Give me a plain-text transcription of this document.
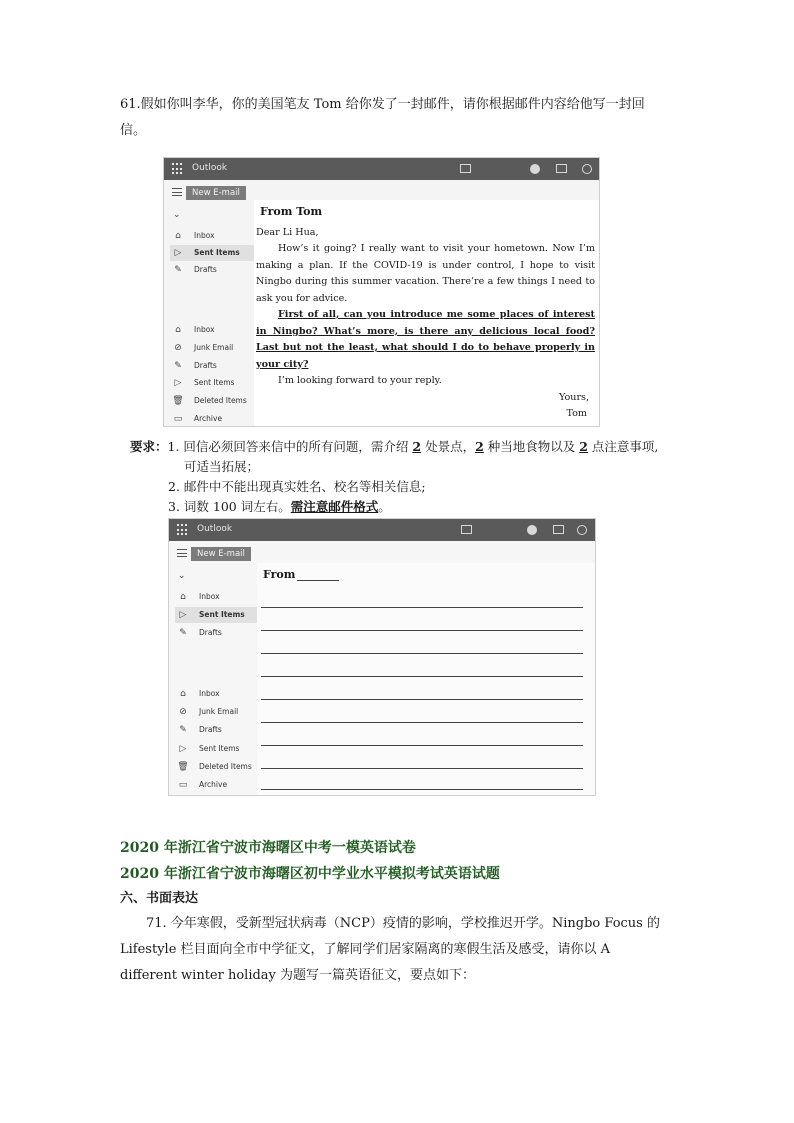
61.假如你叫李华，你的美国笔友 Tom 给你发了一封邮件，请你根据邮件内容给他写一封回
信。
Outlook
New E-mail
⌄
⌂	Inbox
▷	Sent Items
✎ Drafts
⌂	Inbox
⊘ Junk Email
✎ Drafts
▷	Sent Items
🗑 Deleted Items
▭ Archive

From Tom

Dear Li Hua,

How’s it going? I really want to visit your hometown. Now I’m making a plan. If the COVID-19 is under control, I hope to visit Ningbo during this summer vacation. There’re a few things I need to ask you for advice.

First of all, can you introduce me some places of interest in Ningbo? What’s more, is there any delicious local food? Last but not the least, what should I do to behave properly in your city?

I’m looking forward to your reply.

Yours,

Tom

要求：1. 回信必须回答来信中的所有问题，需介绍 2 处景点，2 种当地食物以及 2 点注意事项,
可适当拓展；
2. 邮件中不能出现真实姓名、校名等相关信息;
3. 词数 100 词左右。需注意邮件格式。
Outlook
New E-mail
⌄
⌂	Inbox
▷	Sent Items
✎ Drafts
⌂	Inbox
⊘ Junk Email
✎ Drafts
▷	Sent Items
🗑 Deleted Items
▭ Archive
From
2020 年浙江省宁波市海曙区中考一模英语试卷
2020 年浙江省宁波市海曙区初中学业水平模拟考试英语试题
六、书面表达
71. 今年寒假，受新型冠状病毒（NCP）疫情的影响，学校推迟开学。Ningbo Focus 的
Lifestyle 栏目面向全市中学征文，了解同学们居家隔离的寒假生活及感受，请你以 A
different winter holiday 为题写一篇英语征文，要点如下：
